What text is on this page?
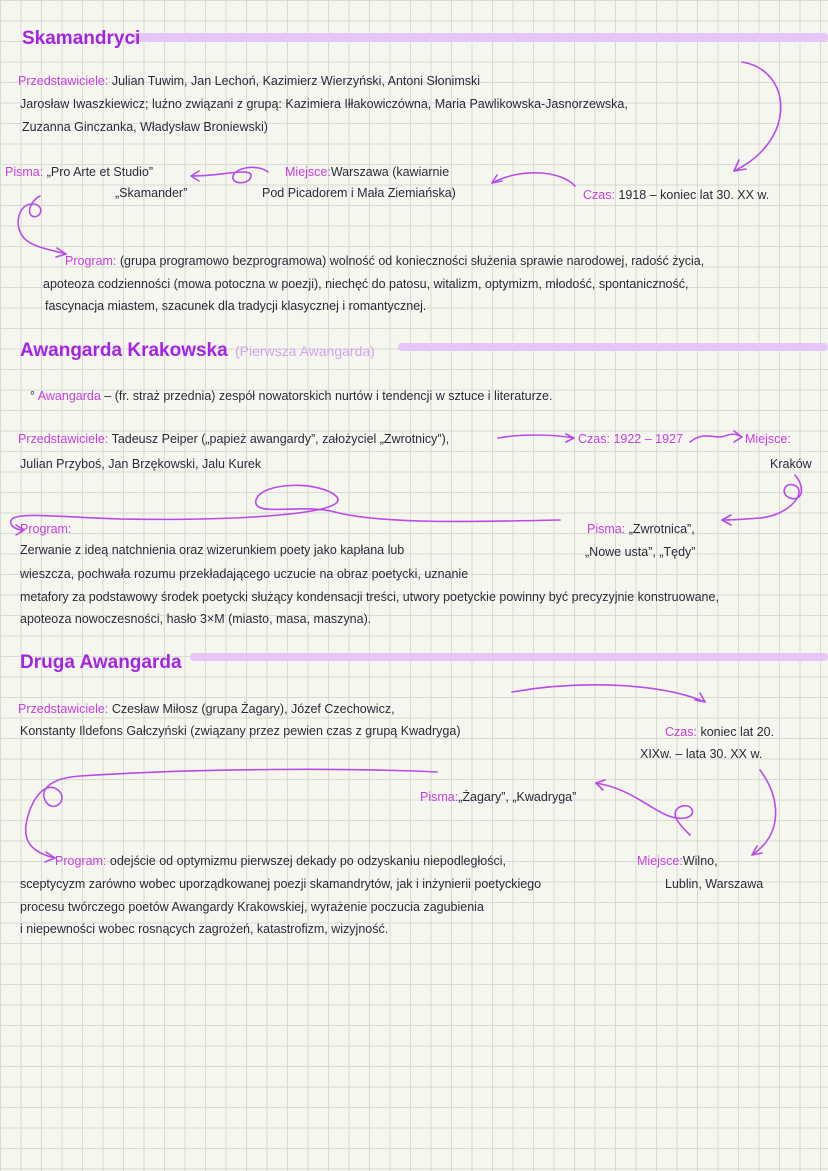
Skamandryci
Przedstawiciele: Julian Tuwim, Jan Lechoń, Kazimierz Wierzyński, Antoni Słonimski
Jarosław Iwaszkiewicz; luźno związani z grupą: Kazimiera Iłłakowiczówna, Maria Pawlikowska-Jasnorzewska,
Zuzanna Ginczanka, Władysław Broniewski)
Pisma: „Pro Arte et Studio”
„Skamander”
Miejsce:Warszawa (kawiarnie
Pod Picadorem i Mała Ziemiańska)	Czas: 1918 – koniec lat 30. XX w.
Program: (grupa programowo bezprogramowa) wolność od konieczności służenia sprawie narodowej, radość życia,
apoteoza codzienności (mowa potoczna w poezji), niechęć do patosu, witalizm, optymizm, młodość, spontaniczność,
fascynacja miastem, szacunek dla tradycji klasycznej i romantycznej.
Awangarda Krakowska (Pierwsza Awangarda)
° Awangarda – (fr. straż przednia) zespół nowatorskich nurtów i tendencji w sztuce i literaturze.
Przedstawiciele: Tadeusz Peiper („papież awangardy”, założyciel „Zwrotnicy”),
Julian Przyboś, Jan Brzękowski, Jalu Kurek
Czas: 1922 – 1927	Miejsce:
Kraków
Program:
Zerwanie z ideą natchnienia oraz wizerunkiem poety jako kapłana lub
wieszcza, pochwała rozumu przekładającego uczucie na obraz poetycki, uznanie
metafory za podstawowy środek poetycki służący kondensacji treści, utwory poetyckie powinny być precyzyjnie konstruowane,
apoteoza nowoczesności, hasło 3×M (miasto, masa, maszyna).
Pisma: „Zwrotnica”,
„Nowe usta”, „Tędy”
Druga Awangarda
Przedstawiciele: Czesław Miłosz (grupa Żagary), Józef Czechowicz,
Konstanty Ildefons Gałczyński (związany przez pewien czas z grupą Kwadryga)	Czas: koniec lat 20.
XIXw. – lata 30. XX w.
Pisma:„Żagary”, „Kwadryga”
Program: odejście od optymizmu pierwszej dekady po odzyskaniu niepodległości,
sceptycyzm zarówno wobec uporządkowanej poezji skamandrytów, jak i inżynierii poetyckiego
procesu twórczego poetów Awangardy Krakowskiej, wyrażenie poczucia zagubienia
i niepewności wobec rosnących zagrożeń, katastrofizm, wizyjność.
Miejsce:Wilno,
Lublin, Warszawa
